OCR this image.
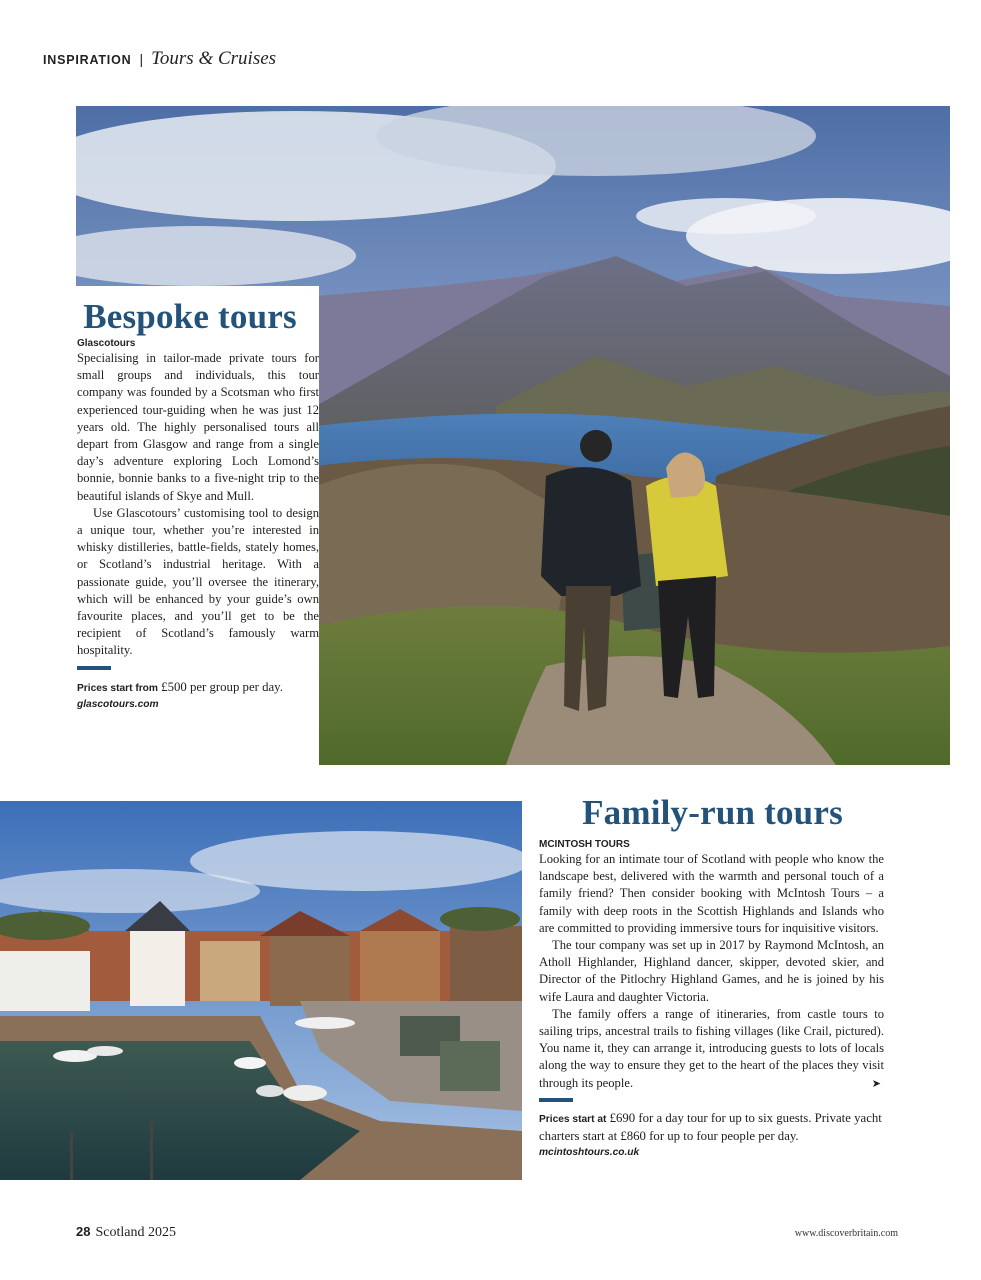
INSPIRATION | Tours & Cruises
Bespoke tours
Glascotours

Specialising in tailor-made private tours for small groups and individuals, this tour company was founded by a Scotsman who first experienced tour-guiding when he was just 12 years old. The highly personalised tours all depart from Glasgow and range from a single day’s adventure exploring Loch Lomond’s bonnie, bonnie banks to a five-night trip to the beautiful islands of Skye and Mull.

Use Glascotours’ customising tool to design a unique tour, whether you’re interested in whisky distilleries, battle-fields, stately homes, or Scotland’s industrial heritage. With a passionate guide, you’ll oversee the itinerary, which will be enhanced by your guide’s own favourite places, and you’ll get to be the recipient of Scotland’s famously warm hospitality.

Prices start from £500 per group per day.
glascotours.com
Family-run tours
MCINTOSH TOURS

Looking for an intimate tour of Scotland with people who know the landscape best, delivered with the warmth and personal touch of a family friend? Then consider booking with McIntosh Tours – a family with deep roots in the Scottish Highlands and Islands who are committed to providing immersive tours for inquisitive visitors.

The tour company was set up in 2017 by Raymond McIntosh, an Atholl Highlander, Highland dancer, skipper, devoted skier, and Director of the Pitlochry Highland Games, and he is joined by his wife Laura and daughter Victoria.

The family offers a range of itineraries, from castle tours to sailing trips, ancestral trails to fishing villages (like Crail, pictured). You name it, they can arrange it, introducing guests to lots of locals along the way to ensure they get to the heart of the places they visit through its people.	➤

Prices start at £690 for a day tour for up to six guests. Private yacht charters start at £860 for up to four people per day.
mcintoshtours.co.uk
28 Scotland 2025	www.discoverbritain.com
